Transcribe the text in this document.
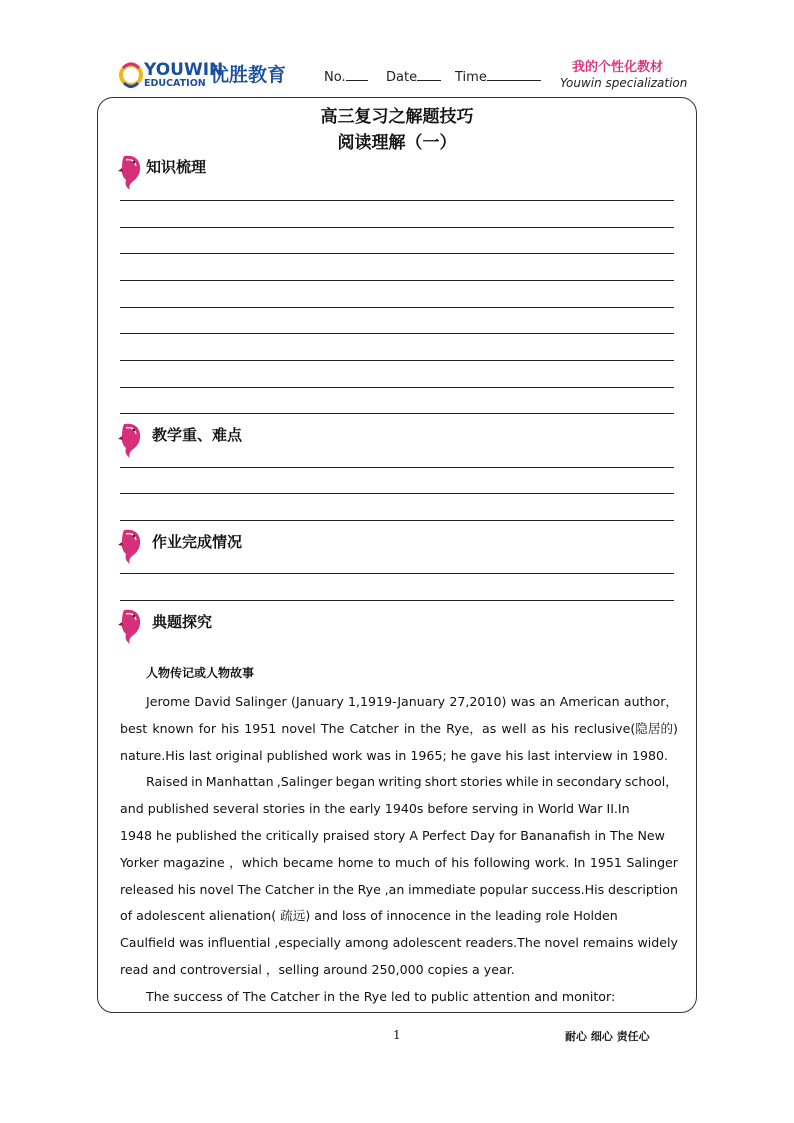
YOUWIN
EDUCATION 优胜教育	No.	Date	Time
我的个性化教材
Youwin specialization
高三复习之解题技巧
阅读理解（一）
知识梳理
教学重、难点
作业完成情况
典题探究
人物传记或人物故事
Jerome David Salinger (January 1,1919-January 27,2010) was an American author，
best known for his 1951 novel The Catcher in the Rye，as well as his reclusive(隐居的)
nature.His last original published work was in 1965; he gave his last interview in 1980.
Raised in Manhattan ,Salinger began writing short stories while in secondary school，
and published several stories in the early 1940s before serving in World War II.In
1948 he published the critically praised story A Perfect Day for Bananafish in The New
Yorker magazine ，which became home to much of his following work. In 1951 Salinger
released his novel The Catcher in the Rye ,an immediate popular success.His description
of adolescent alienation( 疏远) and loss of innocence in the leading role Holden
Caulfield was influential ,especially among adolescent readers.The novel remains widely
read and controversial ，selling around 250,000 copies a year.
The success of The Catcher in the Rye led to public attention and monitor:
1	耐心 细心 责任心
